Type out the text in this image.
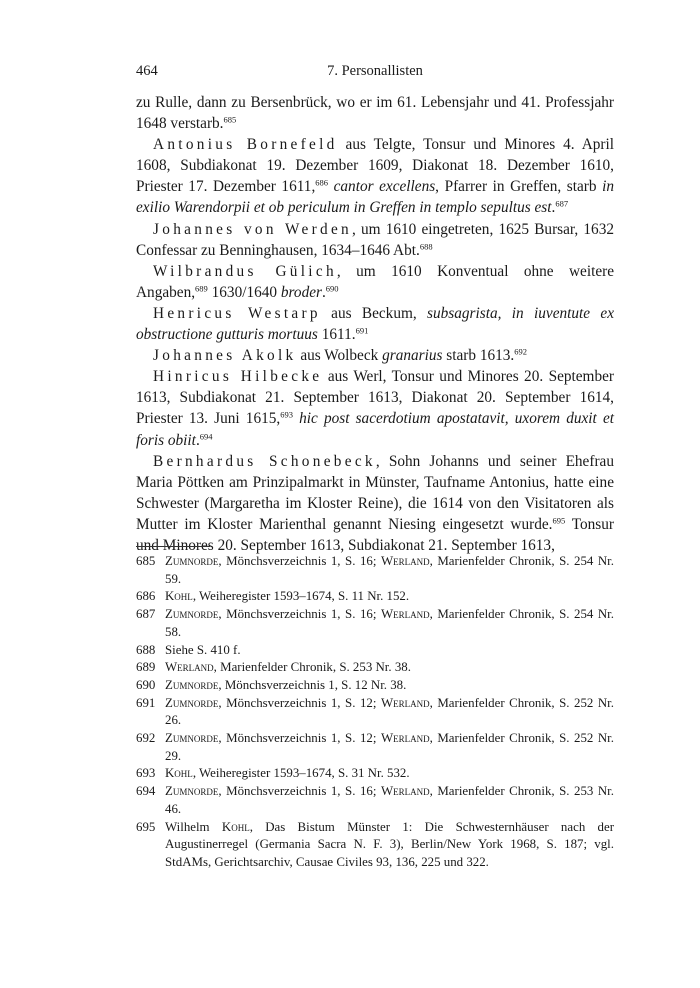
464	7. Personallisten

zu Rulle, dann zu Bersenbrück, wo er im 61. Lebensjahr und 41. Professjahr 1648 verstarb.$^{685}$

Antonius Bornefeld aus Telgte, Tonsur und Minores 4. April 1608, Subdiakonat 19. Dezember 1609, Diakonat 18. Dezember 1610, Priester 17. Dezember 1611,$^{686}$ cantor excellens, Pfarrer in Greffen, starb in exilio Warendorpii et ob periculum in Greffen in templo sepultus est.$^{687}$

Johannes von Werden, um 1610 eingetreten, 1625 Bursar, 1632 Confessar zu Benninghausen, 1634–1646 Abt.$^{688}$

Wilbrandus Gülich, um 1610 Konventual ohne weitere Angaben,$^{689}$ 1630/1640 broder.$^{690}$

Henricus Westarp aus Beckum, subsagrista, in iuventute ex obstructione gutturis mortuus 1611.$^{691}$

Johannes Akolk aus Wolbeck granarius starb 1613.$^{692}$

Hinricus Hilbecke aus Werl, Tonsur und Minores 20. September 1613, Subdiakonat 21. September 1613, Diakonat 20. September 1614, Priester 13. Juni 1615,$^{693}$ hic post sacerdotium apostatavit, uxorem duxit et foris obiit.$^{694}$

Bernhardus Schonebeck, Sohn Johanns und seiner Ehefrau Maria Pöttken am Prinzipalmarkt in Münster, Taufname Antonius, hatte eine Schwester (Margaretha im Kloster Reine), die 1614 von den Visitatoren als Mutter im Kloster Marienthal genannt Niesing eingesetzt wurde.$^{695}$ Tonsur und Minores 20. September 1613, Subdiakonat 21. September 1613,

685 Zumnorde, Mönchsverzeichnis 1, S. 16; Werland, Marienfelder Chronik, S. 254 Nr. 59.
686 Kohl, Weiheregister 1593–1674, S. 11 Nr. 152.
687 Zumnorde, Mönchsverzeichnis 1, S. 16; Werland, Marienfelder Chronik, S. 254 Nr. 58.
688 Siehe S. 410 f.
689 Werland, Marienfelder Chronik, S. 253 Nr. 38.
690 Zumnorde, Mönchsverzeichnis 1, S. 12 Nr. 38.
691 Zumnorde, Mönchsverzeichnis 1, S. 12; Werland, Marienfelder Chronik, S. 252 Nr. 26.
692 Zumnorde, Mönchsverzeichnis 1, S. 12; Werland, Marienfelder Chronik, S. 252 Nr. 29.
693 Kohl, Weiheregister 1593–1674, S. 31 Nr. 532.
694 Zumnorde, Mönchsverzeichnis 1, S. 16; Werland, Marienfelder Chronik, S. 253 Nr. 46.
695 Wilhelm Kohl, Das Bistum Münster 1: Die Schwesternhäuser nach der Augustinerregel (Germania Sacra N. F. 3), Berlin/New York 1968, S. 187; vgl. StdAMs, Gerichtsarchiv, Causae Civiles 93, 136, 225 und 322.
